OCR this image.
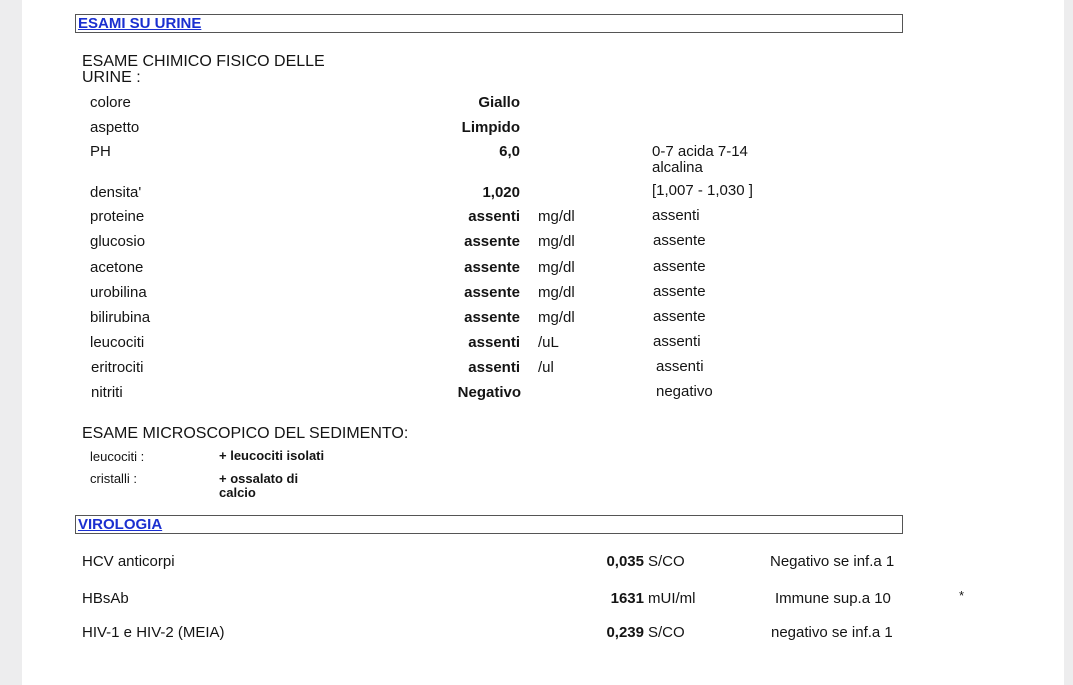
ESAMI SU URINE
ESAME CHIMICO FISICO DELLE
URINE :
colore	Giallo
aspetto	Limpido
PH	6,0	0-7 acida 7-14
alcalina
densita'	1,020	[1,007 - 1,030 ]
proteine	assenti mg/dl	assenti
glucosio	assente mg/dl	assente
acetone	assente mg/dl	assente
urobilina	assente mg/dl	assente
bilirubina	assente mg/dl	assente
leucociti	assenti /uL	assenti
eritrociti	assenti /ul	assenti
nitriti	Negativo	negativo
ESAME MICROSCOPICO DEL SEDIMENTO:
leucociti :	+ leucociti isolati
cristalli :	+ ossalato di
calcio
VIROLOGIA
HCV anticorpi	0,035 S/CO	Negativo se inf.a 1
HBsAb	1631 mUI/ml	Immune sup.a 10	*
HIV-1 e HIV-2 (MEIA)	0,239 S/CO	negativo se inf.a 1
